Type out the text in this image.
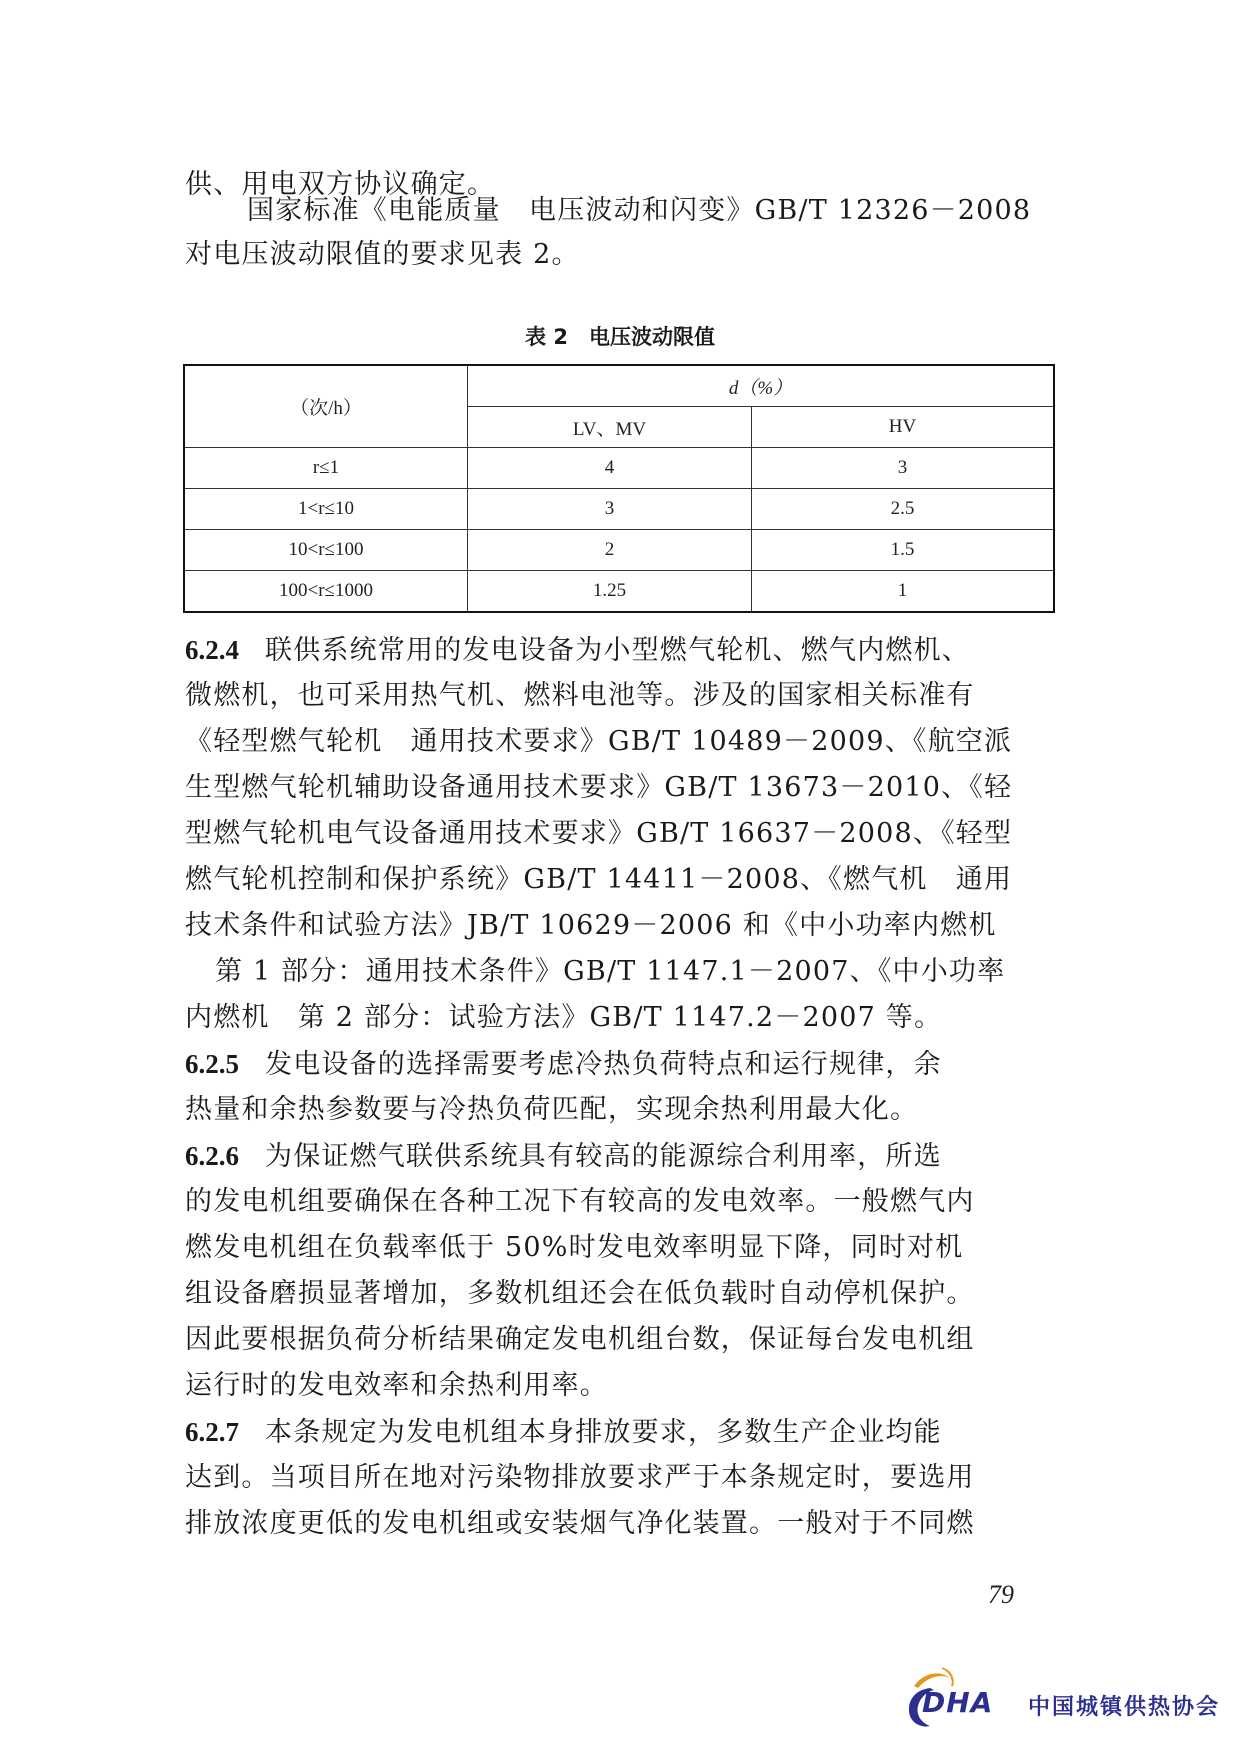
供、用电双方协议确定。
国家标准《电能质量　电压波动和闪变》GB/T 12326－2008
对电压波动限值的要求见表 2。
表 2　电压波动限值
（次/h）	d（%）	
	LV、MV	HV
r≤1	4	3
1<r≤10	3	2.5
10<r≤100	2	1.5
100<r≤1000	1.25	1
6.2.4 联供系统常用的发电设备为小型燃气轮机、燃气内燃机、
微燃机，也可采用热气机、燃料电池等。涉及的国家相关标准有
《轻型燃气轮机　通用技术要求》GB/T 10489－2009、《航空派
生型燃气轮机辅助设备通用技术要求》GB/T 13673－2010、《轻
型燃气轮机电气设备通用技术要求》GB/T 16637－2008、《轻型
燃气轮机控制和保护系统》GB/T 14411－2008、《燃气机　通用
技术条件和试验方法》JB/T 10629－2006 和《中小功率内燃机
第 1 部分：通用技术条件》GB/T 1147.1－2007、《中小功率
内燃机　第 2 部分：试验方法》GB/T 1147.2－2007 等。
6.2.5 发电设备的选择需要考虑冷热负荷特点和运行规律，余
热量和余热参数要与冷热负荷匹配，实现余热利用最大化。
6.2.6 为保证燃气联供系统具有较高的能源综合利用率，所选
的发电机组要确保在各种工况下有较高的发电效率。一般燃气内
燃发电机组在负载率低于 50%时发电效率明显下降，同时对机
组设备磨损显著增加，多数机组还会在低负载时自动停机保护。
因此要根据负荷分析结果确定发电机组台数，保证每台发电机组
运行时的发电效率和余热利用率。
6.2.7 本条规定为发电机组本身排放要求，多数生产企业均能
达到。当项目所在地对污染物排放要求严于本条规定时，要选用
排放浓度更低的发电机组或安装烟气净化装置。一般对于不同燃
79
DHA 中国城镇供热协会
